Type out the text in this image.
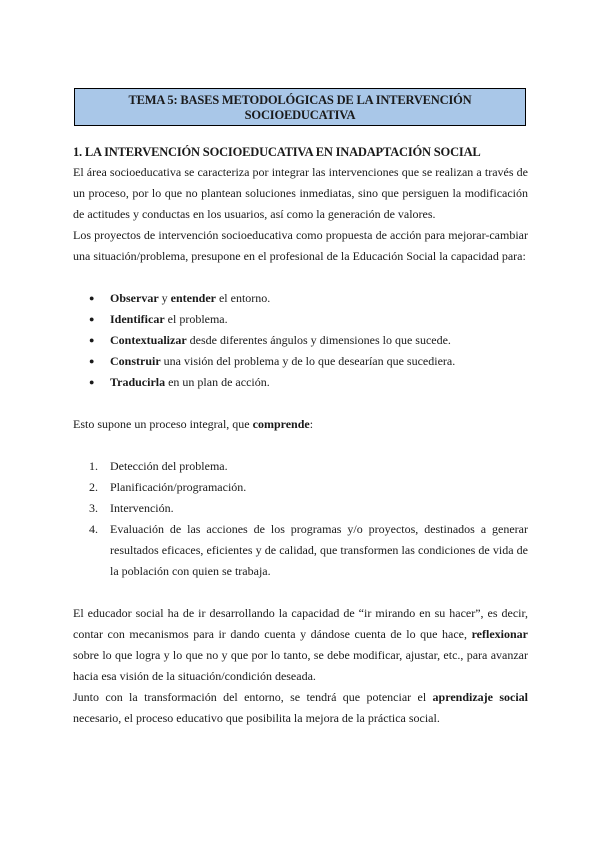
TEMA 5: BASES METODOLÓGICAS DE LA INTERVENCIÓN
SOCIOEDUCATIVA
1. LA INTERVENCIÓN SOCIOEDUCATIVA EN INADAPTACIÓN SOCIAL

El área socioeducativa se caracteriza por integrar las intervenciones que se realizan a través de un proceso, por lo que no plantean soluciones inmediatas, sino que persiguen la modificación de actitudes y conductas en los usuarios, así como la generación de valores.

Los proyectos de intervención socioeducativa como propuesta de acción para mejorar-cambiar una situación/problema, presupone en el profesional de la Educación Social la capacidad para:

● Observar y entender el entorno.
● Identificar el problema.
● Contextualizar desde diferentes ángulos y dimensiones lo que sucede.
● Construir una visión del problema y de lo que desearían que sucediera.
● Traducirla en un plan de acción.

Esto supone un proceso integral, que comprende:

1. Detección del problema.
2. Planificación/programación.
3. Intervención.
4. Evaluación de las acciones de los programas y/o proyectos, destinados a generar resultados eficaces, eficientes y de calidad, que transformen las condiciones de vida de la población con quien se trabaja.

El educador social ha de ir desarrollando la capacidad de “ir mirando en su hacer”, es decir, contar con mecanismos para ir dando cuenta y dándose cuenta de lo que hace, reflexionar sobre lo que logra y lo que no y que por lo tanto, se debe modificar, ajustar, etc., para avanzar hacia esa visión de la situación/condición deseada.

Junto con la transformación del entorno, se tendrá que potenciar el aprendizaje social necesario, el proceso educativo que posibilita la mejora de la práctica social.
